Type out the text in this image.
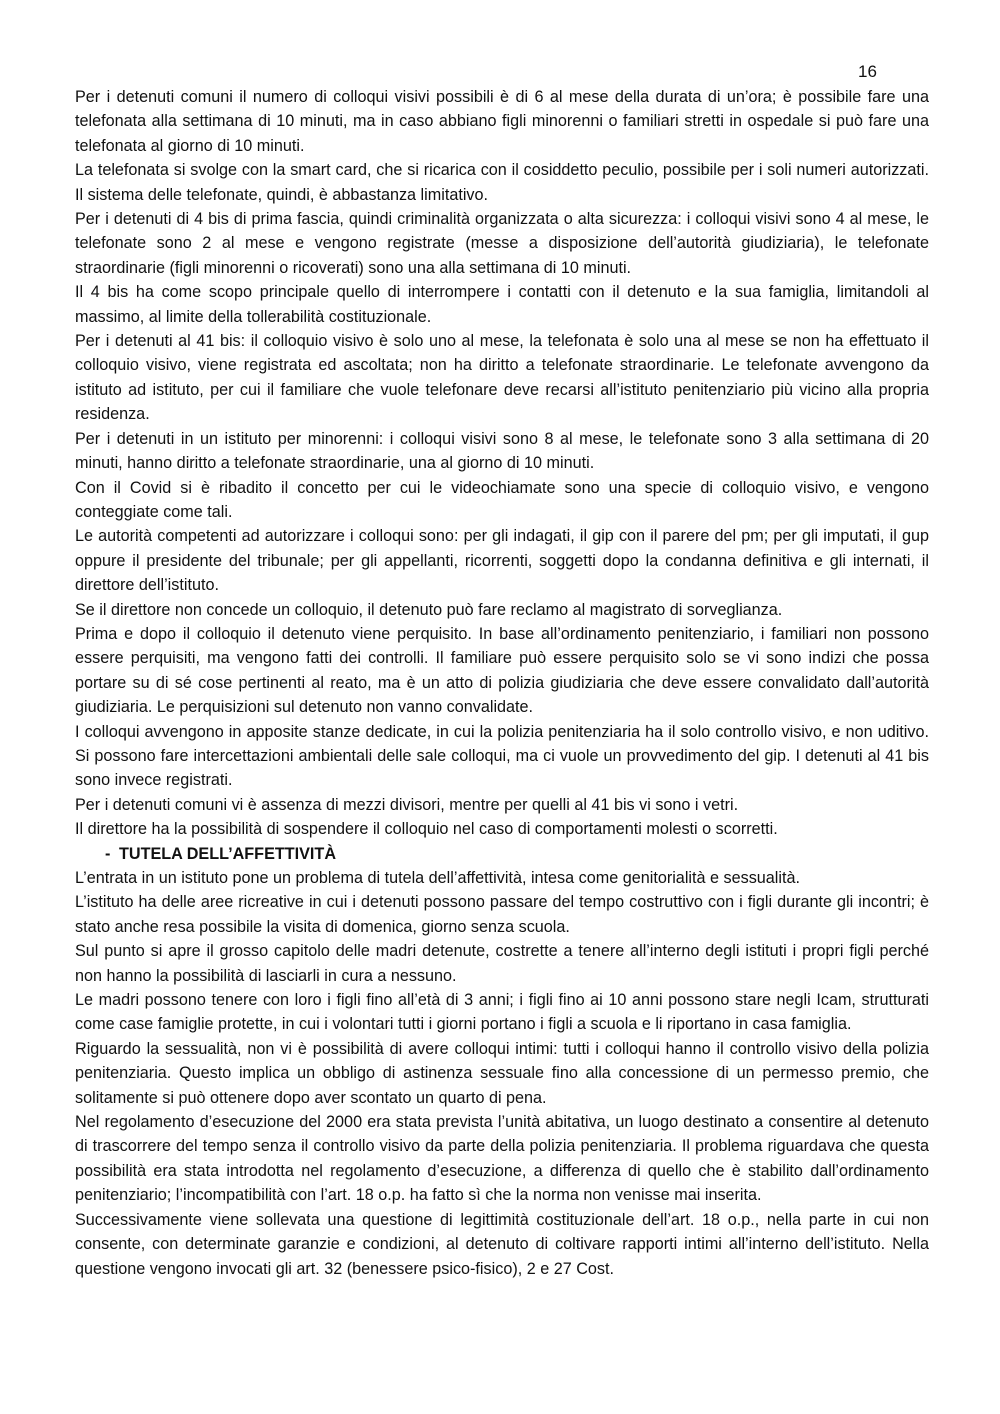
16

Per i detenuti comuni il numero di colloqui visivi possibili è di 6 al mese della durata di un’ora; è possibile fare una telefonata alla settimana di 10 minuti, ma in caso abbiano figli minorenni o familiari stretti in ospedale si può fare una telefonata al giorno di 10 minuti.

La telefonata si svolge con la smart card, che si ricarica con il cosiddetto peculio, possibile per i soli numeri autorizzati. Il sistema delle telefonate, quindi, è abbastanza limitativo.

Per i detenuti di 4 bis di prima fascia, quindi criminalità organizzata o alta sicurezza: i colloqui visivi sono 4 al mese, le telefonate sono 2 al mese e vengono registrate (messe a disposizione dell’autorità giudiziaria), le telefonate straordinarie (figli minorenni o ricoverati) sono una alla settimana di 10 minuti.

Il 4 bis ha come scopo principale quello di interrompere i contatti con il detenuto e la sua famiglia, limitandoli al massimo, al limite della tollerabilità costituzionale.

Per i detenuti al 41 bis: il colloquio visivo è solo uno al mese, la telefonata è solo una al mese se non ha effettuato il colloquio visivo, viene registrata ed ascoltata; non ha diritto a telefonate straordinarie. Le telefonate avvengono da istituto ad istituto, per cui il familiare che vuole telefonare deve recarsi all’istituto penitenziario più vicino alla propria residenza.

Per i detenuti in un istituto per minorenni: i colloqui visivi sono 8 al mese, le telefonate sono 3 alla settimana di 20 minuti, hanno diritto a telefonate straordinarie, una al giorno di 10 minuti.

Con il Covid si è ribadito il concetto per cui le videochiamate sono una specie di colloquio visivo, e vengono conteggiate come tali.

Le autorità competenti ad autorizzare i colloqui sono: per gli indagati, il gip con il parere del pm; per gli imputati, il gup oppure il presidente del tribunale; per gli appellanti, ricorrenti, soggetti dopo la condanna definitiva e gli internati, il direttore dell’istituto.

Se il direttore non concede un colloquio, il detenuto può fare reclamo al magistrato di sorveglianza.

Prima e dopo il colloquio il detenuto viene perquisito. In base all’ordinamento penitenziario, i familiari non possono essere perquisiti, ma vengono fatti dei controlli. Il familiare può essere perquisito solo se vi sono indizi che possa portare su di sé cose pertinenti al reato, ma è un atto di polizia giudiziaria che deve essere convalidato dall’autorità giudiziaria. Le perquisizioni sul detenuto non vanno convalidate.

I colloqui avvengono in apposite stanze dedicate, in cui la polizia penitenziaria ha il solo controllo visivo, e non uditivo. Si possono fare intercettazioni ambientali delle sale colloqui, ma ci vuole un provvedimento del gip. I detenuti al 41 bis sono invece registrati.

Per i detenuti comuni vi è assenza di mezzi divisori, mentre per quelli al 41 bis vi sono i vetri.

Il direttore ha la possibilità di sospendere il colloquio nel caso di comportamenti molesti o scorretti.

- TUTELA DELL’AFFETTIVITÀ

L’entrata in un istituto pone un problema di tutela dell’affettività, intesa come genitorialità e sessualità.

L’istituto ha delle aree ricreative in cui i detenuti possono passare del tempo costruttivo con i figli durante gli incontri; è stato anche resa possibile la visita di domenica, giorno senza scuola.

Sul punto si apre il grosso capitolo delle madri detenute, costrette a tenere all’interno degli istituti i propri figli perché non hanno la possibilità di lasciarli in cura a nessuno.

Le madri possono tenere con loro i figli fino all’età di 3 anni; i figli fino ai 10 anni possono stare negli Icam, strutturati come case famiglie protette, in cui i volontari tutti i giorni portano i figli a scuola e li riportano in casa famiglia.

Riguardo la sessualità, non vi è possibilità di avere colloqui intimi: tutti i colloqui hanno il controllo visivo della polizia penitenziaria. Questo implica un obbligo di astinenza sessuale fino alla concessione di un permesso premio, che solitamente si può ottenere dopo aver scontato un quarto di pena.

Nel regolamento d’esecuzione del 2000 era stata prevista l’unità abitativa, un luogo destinato a consentire al detenuto di trascorrere del tempo senza il controllo visivo da parte della polizia penitenziaria. Il problema riguardava che questa possibilità era stata introdotta nel regolamento d’esecuzione, a differenza di quello che è stabilito dall’ordinamento penitenziario; l’incompatibilità con l’art. 18 o.p. ha fatto sì che la norma non venisse mai inserita.

Successivamente viene sollevata una questione di legittimità costituzionale dell’art. 18 o.p., nella parte in cui non consente, con determinate garanzie e condizioni, al detenuto di coltivare rapporti intimi all’interno dell’istituto. Nella questione vengono invocati gli art. 32 (benessere psico-fisico), 2 e 27 Cost.
